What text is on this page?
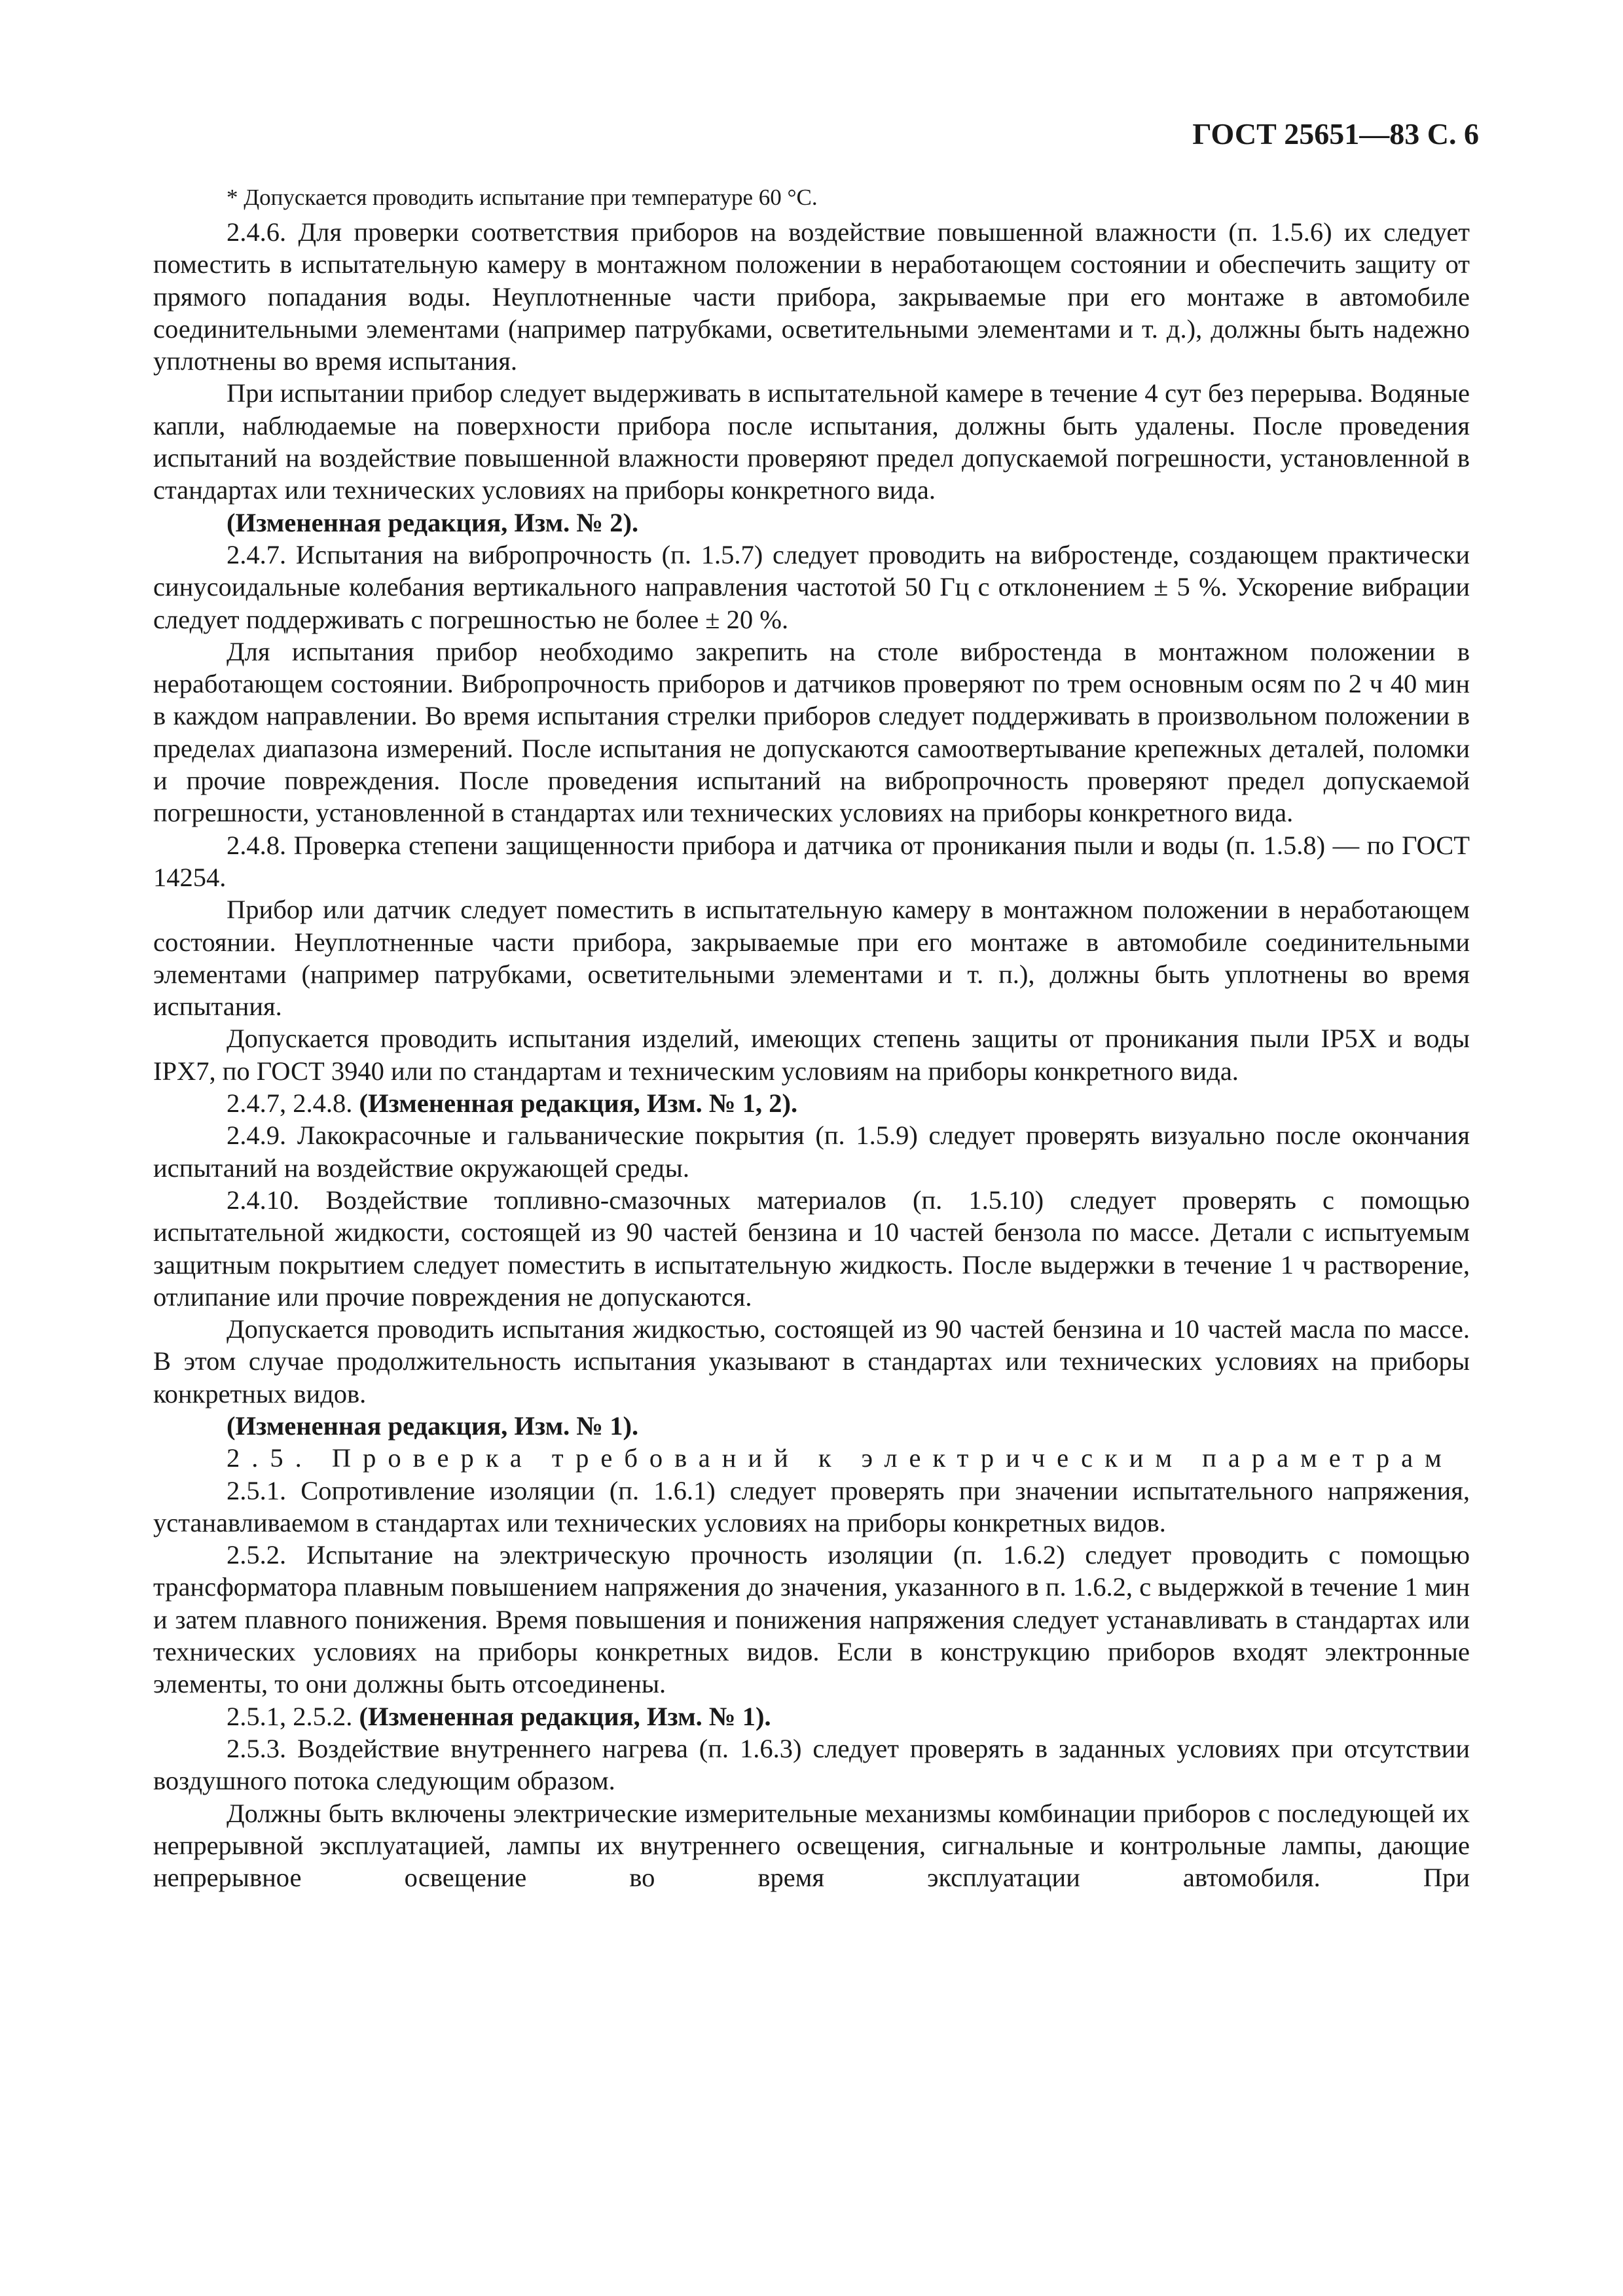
ГОСТ 25651—83 С. 6

* Допускается проводить испытание при температуре 60 °С.

2.4.6. Для проверки соответствия приборов на воздействие повышенной влажности (п. 1.5.6) их следует поместить в испытательную камеру в монтажном положении в неработающем состоянии и обеспечить защиту от прямого попадания воды. Неуплотненные части прибора, закрываемые при его монтаже в автомобиле соединительными элементами (например патрубками, осветительными элементами и т. д.), должны быть надежно уплотнены во время испытания.

При испытании прибор следует выдерживать в испытательной камере в течение 4 сут без перерыва. Водяные капли, наблюдаемые на поверхности прибора после испытания, должны быть удалены. После проведения испытаний на воздействие повышенной влажности проверяют предел допускаемой погрешности, установленной в стандартах или технических условиях на приборы конкретного вида.

(Измененная редакция, Изм. № 2).

2.4.7. Испытания на вибропрочность (п. 1.5.7) следует проводить на вибростенде, создающем практически синусоидальные колебания вертикального направления частотой 50 Гц с отклонением ± 5 %. Ускорение вибрации следует поддерживать с погрешностью не более ± 20 %.

Для испытания прибор необходимо закрепить на столе вибростенда в монтажном положении в неработающем состоянии. Вибропрочность приборов и датчиков проверяют по трем основным осям по 2 ч 40 мин в каждом направлении. Во время испытания стрелки приборов следует поддерживать в произвольном положении в пределах диапазона измерений. После испытания не допускаются самоотвертывание крепежных деталей, поломки и прочие повреждения. После проведения испытаний на вибропрочность проверяют предел допускаемой погрешности, установленной в стандартах или технических условиях на приборы конкретного вида.

2.4.8. Проверка степени защищенности прибора и датчика от проникания пыли и воды (п. 1.5.8) — по ГОСТ 14254.

Прибор или датчик следует поместить в испытательную камеру в монтажном положении в неработающем состоянии. Неуплотненные части прибора, закрываемые при его монтаже в автомобиле соединительными элементами (например патрубками, осветительными элементами и т. п.), должны быть уплотнены во время испытания.

Допускается проводить испытания изделий, имеющих степень защиты от проникания пыли IP5X и воды IPX7, по ГОСТ 3940 или по стандартам и техническим условиям на приборы конкретного вида.

2.4.7, 2.4.8. (Измененная редакция, Изм. № 1, 2).

2.4.9. Лакокрасочные и гальванические покрытия (п. 1.5.9) следует проверять визуально после окончания испытаний на воздействие окружающей среды.

2.4.10. Воздействие топливно-смазочных материалов (п. 1.5.10) следует проверять с помощью испытательной жидкости, состоящей из 90 частей бензина и 10 частей бензола по массе. Детали с испытуемым защитным покрытием следует поместить в испытательную жидкость. После выдержки в течение 1 ч растворение, отлипание или прочие повреждения не допускаются.

Допускается проводить испытания жидкостью, состоящей из 90 частей бензина и 10 частей масла по массе. В этом случае продолжительность испытания указывают в стандартах или технических условиях на приборы конкретных видов.

(Измененная редакция, Изм. № 1).

2.5. Проверка требований к электрическим параметрам

2.5.1. Сопротивление изоляции (п. 1.6.1) следует проверять при значении испытательного напряжения, устанавливаемом в стандартах или технических условиях на приборы конкретных видов.

2.5.2. Испытание на электрическую прочность изоляции (п. 1.6.2) следует проводить с помощью трансформатора плавным повышением напряжения до значения, указанного в п. 1.6.2, с выдержкой в течение 1 мин и затем плавного понижения. Время повышения и понижения напряжения следует устанавливать в стандартах или технических условиях на приборы конкретных видов. Если в конструкцию приборов входят электронные элементы, то они должны быть отсоединены.

2.5.1, 2.5.2. (Измененная редакция, Изм. № 1).

2.5.3. Воздействие внутреннего нагрева (п. 1.6.3) следует проверять в заданных условиях при отсутствии воздушного потока следующим образом.

Должны быть включены электрические измерительные механизмы комбинации приборов с последующей их непрерывной эксплуатацией, лампы их внутреннего освещения, сигнальные и контрольные лампы, дающие непрерывное освещение во время эксплуатации автомобиля. При
